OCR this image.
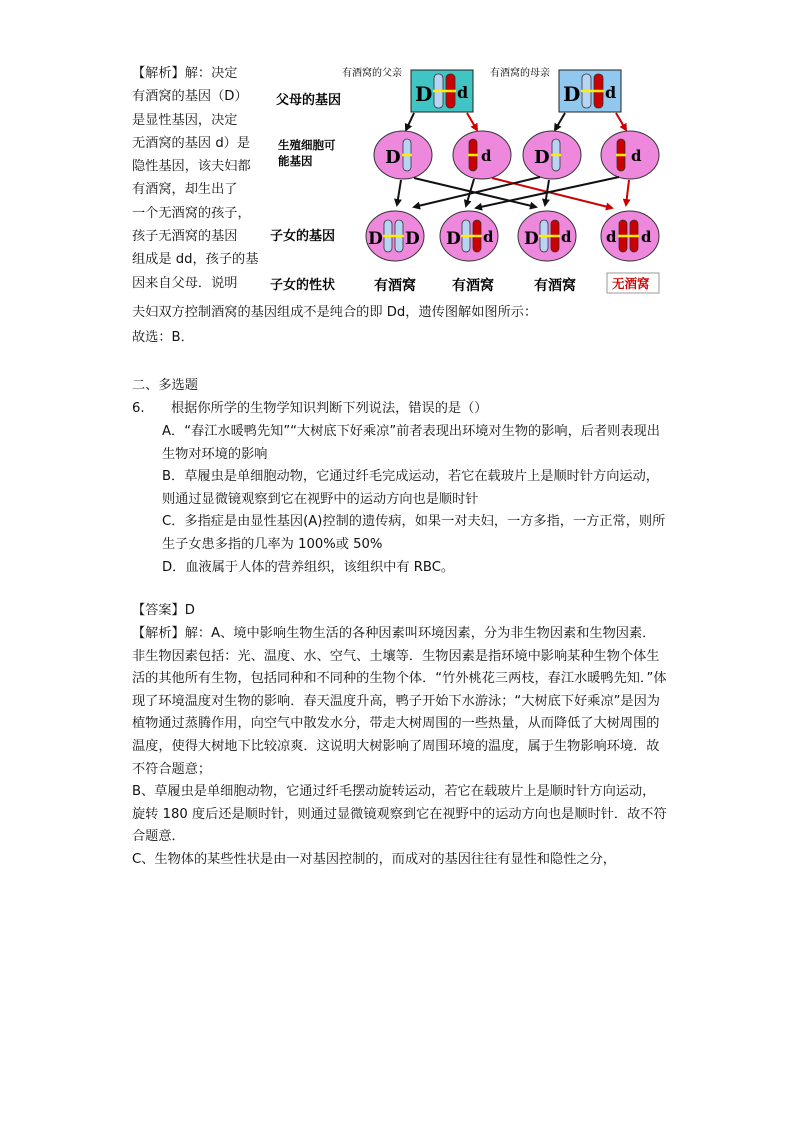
【解析】解：决定
有酒窝的基因（D）
是显性基因，决定
无酒窝的基因 d）是
隐性基因，该夫妇都
有酒窝，却生出了
一个无酒窝的孩子，
孩子无酒窝的基因
组成是 dd，孩子的基
因来自父母．说明
夫妇双方控制酒窝的基因组成不是纯合的即 Dd，遗传图解如图所示：
故选：B．
有酒窝的父亲	有酒窝的母亲
父母的基因
生殖细胞可
能基因
子女的基因
子女的性状
D d	D d
D	d D	d
D D D d D d d d
有酒窝	有酒窝	有酒窝	无酒窝
二、多选题
6.　　根据你所学的生物学知识判断下列说法，错误的是（）

A．“春江水暖鸭先知”“大树底下好乘凉”前者表现出环境对生物的影响，后者则表现出生物对环境的影响

B．草履虫是单细胞动物，它通过纤毛完成运动，若它在载玻片上是顺时针方向运动，则通过显微镜观察到它在视野中的运动方向也是顺时针

C．多指症是由显性基因(A)控制的遗传病，如果一对夫妇，一方多指，一方正常，则所生子女患多指的几率为 100%或 50%

D．血液属于人体的营养组织，该组织中有 RBC。

【答案】D

【解析】解：A、境中影响生物生活的各种因素叫环境因素，分为非生物因素和生物因素．非生物因素包括：光、温度、水、空气、土壤等．生物因素是指环境中影响某种生物个体生活的其他所有生物，包括同种和不同种的生物个体．“竹外桃花三两枝，春江水暖鸭先知．”体现了环境温度对生物的影响．春天温度升高，鸭子开始下水游泳；“大树底下好乘凉”是因为植物通过蒸腾作用，向空气中散发水分，带走大树周围的一些热量，从而降低了大树周围的温度，使得大树地下比较凉爽．这说明大树影响了周围环境的温度，属于生物影响环境．故不符合题意；

B、草履虫是单细胞动物，它通过纤毛摆动旋转运动，若它在载玻片上是顺时针方向运动，旋转 180 度后还是顺时针，则通过显微镜观察到它在视野中的运动方向也是顺时针．故不符合题意．

C、生物体的某些性状是由一对基因控制的，而成对的基因往往有显性和隐性之分，
